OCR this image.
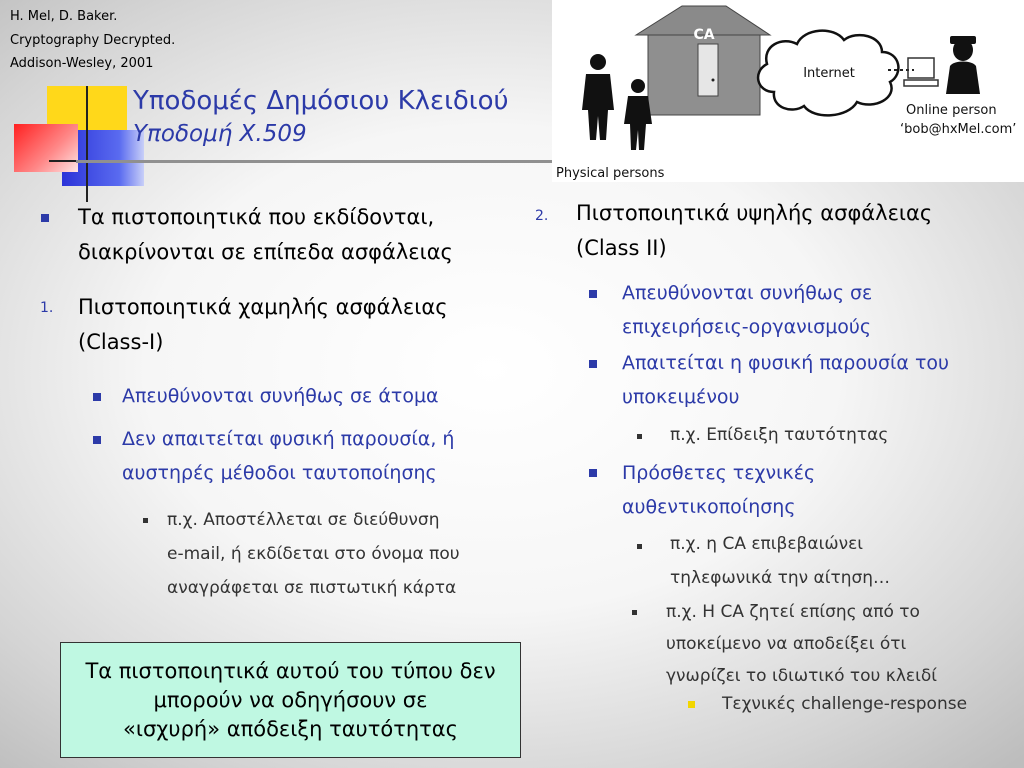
H. Mel, D. Baker.
Cryptography Decrypted.
Addison-Wesley, 2001
Υποδομές Δημόσιου Κλειδιού
Υποδομή X.509
CA
Internet
Online person
‘bob@hxMel.com’
Physical persons
Τα πιστοποιητικά που εκδίδονται,
διακρίνονται σε επίπεδα ασφάλειας
1. Πιστοποιητικά χαμηλής ασφάλειας
(Class-I)
Απευθύνονται συνήθως σε άτομα
Δεν απαιτείται φυσική παρουσία, ή
αυστηρές μέθοδοι ταυτοποίησης
π.χ. Αποστέλλεται σε διεύθυνση
e-mail, ή εκδίδεται στο όνομα που
αναγράφεται σε πιστωτική κάρτα
2. Πιστοποιητικά υψηλής ασφάλειας
(Class II)
Απευθύνονται συνήθως σε
επιχειρήσεις-οργανισμούς
Απαιτείται η φυσική παρουσία του
υποκειμένου
π.χ. Επίδειξη ταυτότητας
Πρόσθετες τεχνικές
αυθεντικοποίησης
π.χ. η CA επιβεβαιώνει
τηλεφωνικά την αίτηση…
π.χ. Η CA ζητεί επίσης από το
υποκείμενο να αποδείξει ότι
γνωρίζει το ιδιωτικό του κλειδί
Τεχνικές challenge-response
Τα πιστοποιητικά αυτού του τύπου δεν
μπορούν να οδηγήσουν σε
«ισχυρή» απόδειξη ταυτότητας
